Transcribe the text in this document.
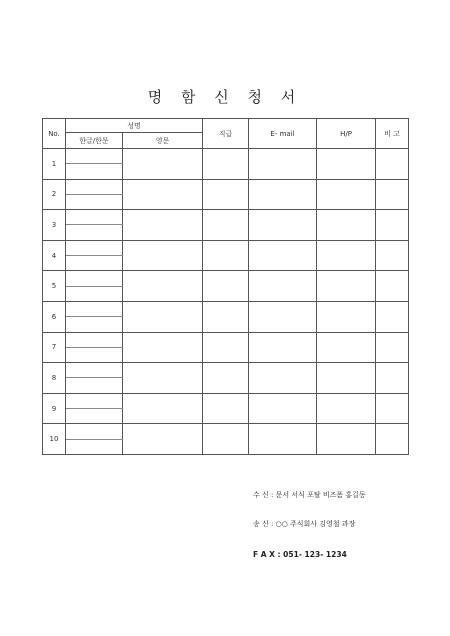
명 함 신 청 서
No.	성명		직급	E- mail	H/P	비 고
	한글/한문	영문				
1						

2						

3						

4						

5						

6						

7						

8						

9						

10						

수 신 : 문서 서식 포탈 비즈폼 홍길동
송 신 : ○○ 주식회사 김영철 과장
F A X : 051- 123- 1234
